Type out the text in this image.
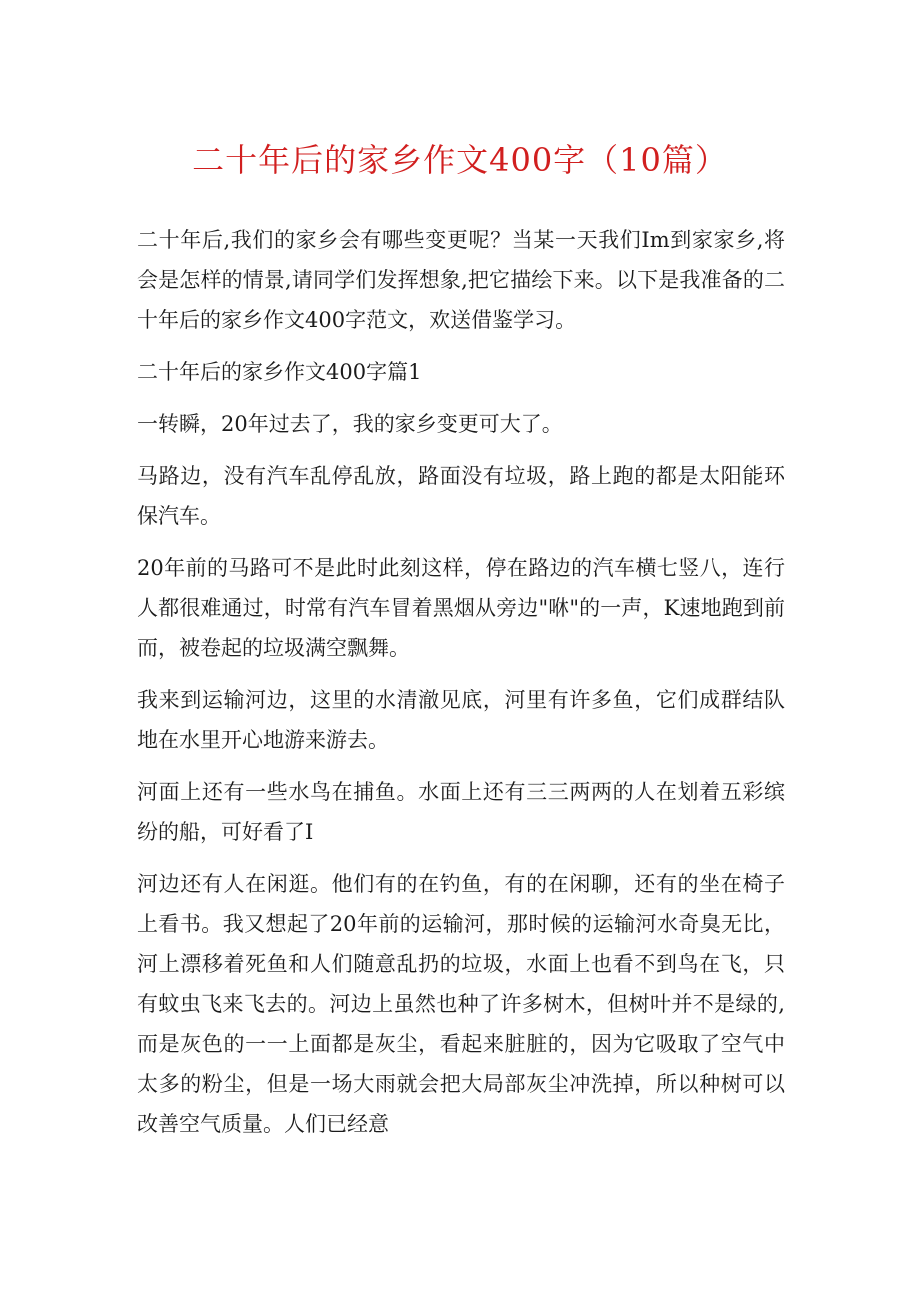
二十年后的家乡作文400字（10篇）

二十年后,我们的家乡会有哪些变更呢？当某一天我们Im到家家乡,将会是怎样的情景,请同学们发挥想象,把它描绘下来。以下是我准备的二十年后的家乡作文400字范文，欢送借鉴学习。

二十年后的家乡作文400字篇1

一转瞬，20年过去了，我的家乡变更可大了。

马路边，没有汽车乱停乱放，路面没有垃圾，路上跑的都是太阳能环保汽车。

20年前的马路可不是此时此刻这样，停在路边的汽车横七竖八，连行人都很难通过，时常有汽车冒着黑烟从旁边"咻"的一声，K速地跑到前而，被卷起的垃圾满空飘舞。

我来到运输河边，这里的水清澈见底，河里有许多鱼，它们成群结队地在水里开心地游来游去。

河面上还有一些水鸟在捕鱼。水面上还有三三两两的人在划着五彩缤纷的船，可好看了I

河边还有人在闲逛。他们有的在钓鱼，有的在闲聊，还有的坐在椅子上看书。我又想起了20年前的运输河，那时候的运输河水奇臭无比，河上漂移着死鱼和人们随意乱扔的垃圾，水面上也看不到鸟在飞，只有蚊虫飞来飞去的。河边上虽然也种了许多树木，但树叶并不是绿的,而是灰色的一一上面都是灰尘，看起来脏脏的，因为它吸取了空气中太多的粉尘，但是一场大雨就会把大局部灰尘冲洗掉，所以种树可以改善空气质量。人们已经意
